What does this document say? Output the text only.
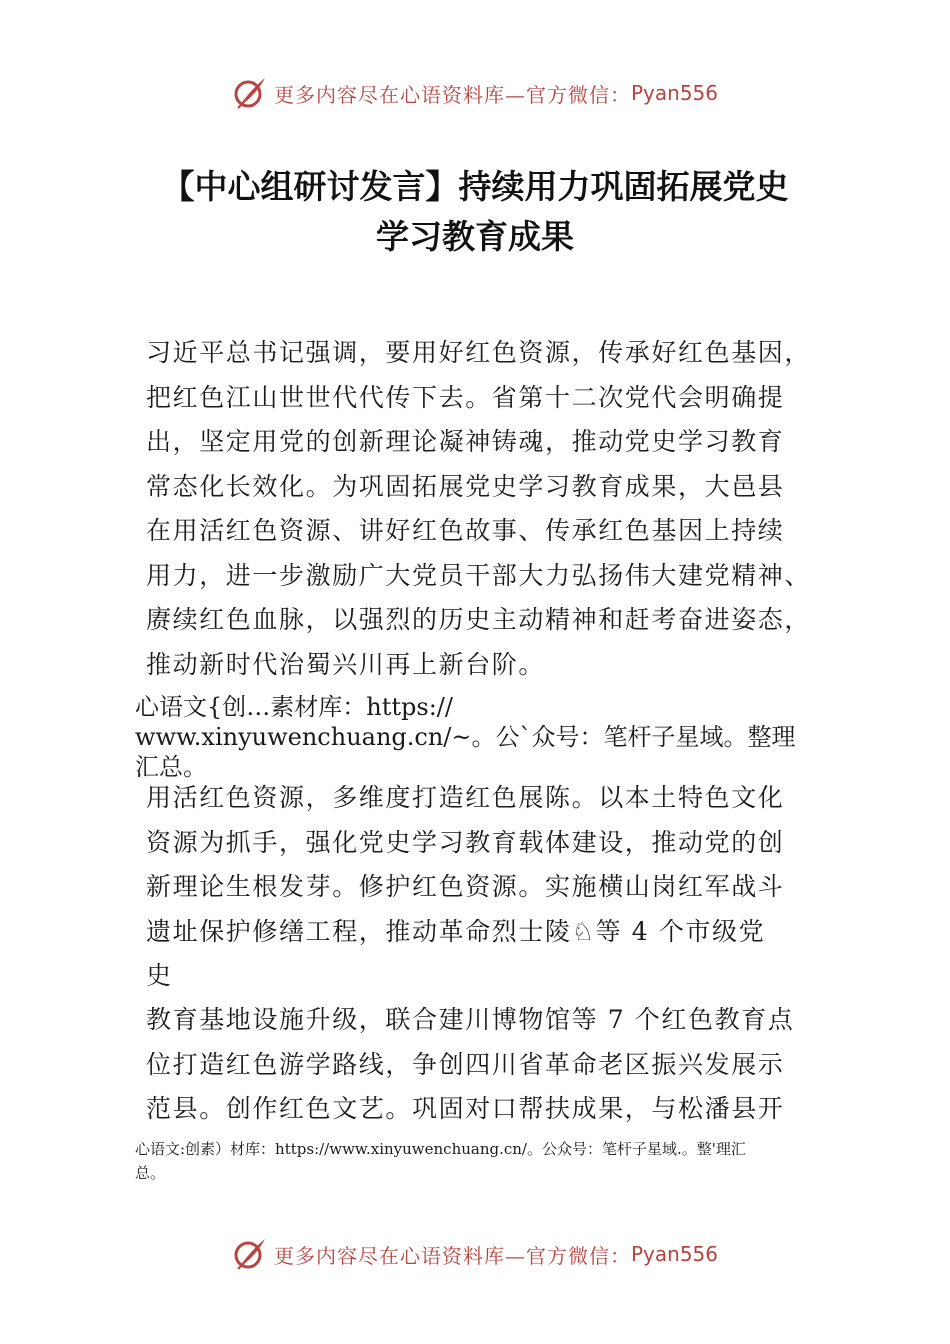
更多内容尽在心语资料库—官方微信： Pyan556
【中心组研讨发言】持续用力巩固拓展党史
学习教育成果
习近平总书记强调，要用好红色资源，传承好红色基因，
把红色江山世世代代传下去。省第十二次党代会明确提
出，坚定用党的创新理论凝神铸魂，推动党史学习教育
常态化长效化。为巩固拓展党史学习教育成果，大邑县
在用活红色资源、讲好红色故事、传承红色基因上持续
用力，进一步激励广大党员干部大力弘扬伟大建党精神、
赓续红色血脉，以强烈的历史主动精神和赶考奋进姿态，
推动新时代治蜀兴川再上新台阶。
心语文{创…素材库：https://
www.xinyuwenchuang.cn/~。公`众号：笔杆子星域。整理
汇总。
用活红色资源，多维度打造红色展陈。以本土特色文化
资源为抓手，强化党史学习教育载体建设，推动党的创
新理论生根发芽。修护红色资源。实施横山岗红军战斗
遗址保护修缮工程，推动革命烈士陵♘等 4 个市级党
史
教育基地设施升级，联合建川博物馆等 7 个红色教育点
位打造红色游学路线，争创四川省革命老区振兴发展示
范县。创作红色文艺。巩固对口帮扶成果，与松潘县开
心语文:创素）材库：https://www.xinyuwenchuang.cn/。公众号：笔杆子星域.。整'理汇
总。
更多内容尽在心语资料库—官方微信： Pyan556
